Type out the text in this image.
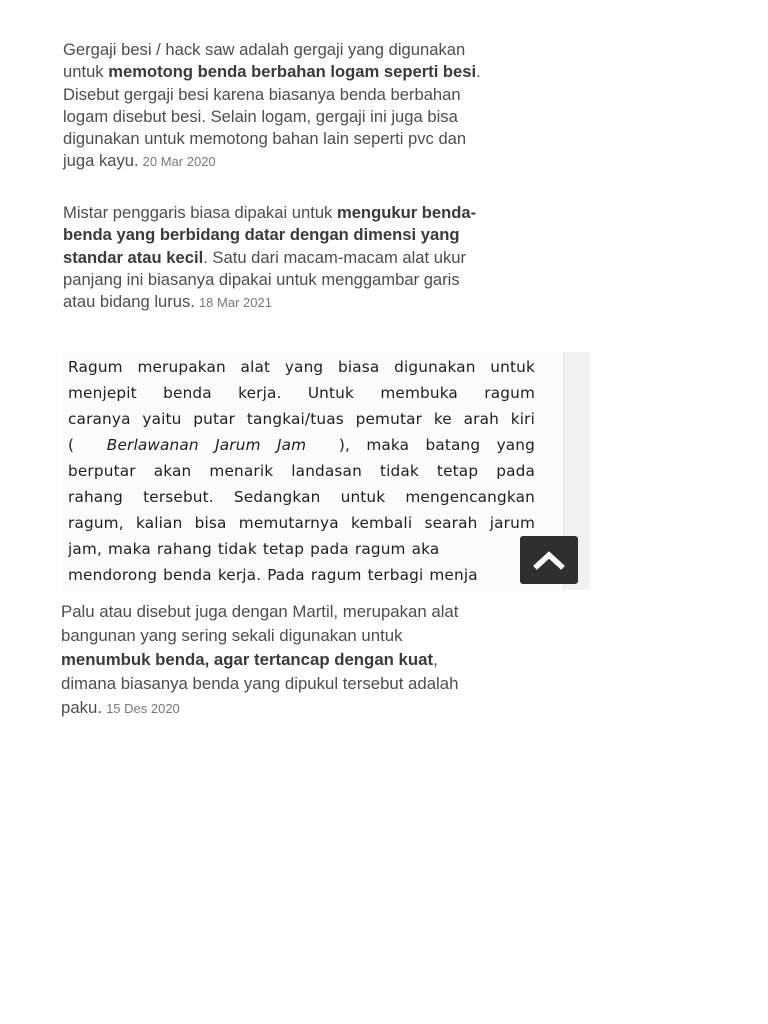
Gergaji besi / hack saw adalah gergaji yang digunakan untuk memotong benda berbahan logam seperti besi. Disebut gergaji besi karena biasanya benda berbahan logam disebut besi. Selain logam, gergaji ini juga bisa digunakan untuk memotong bahan lain seperti pvc dan juga kayu. 20 Mar 2020

Mistar penggaris biasa dipakai untuk mengukur benda-benda yang berbidang datar dengan dimensi yang standar atau kecil. Satu dari macam-macam alat ukur panjang ini biasanya dipakai untuk menggambar garis atau bidang lurus. 18 Mar 2021

Ragum merupakan alat yang biasa digunakan untuk
menjepit benda kerja. Untuk membuka ragum
caranya yaitu putar tangkai/tuas pemutar ke arah kiri
( Berlawanan Jarum Jam ), maka batang yang
berputar akan menarik landasan tidak tetap pada
rahang tersebut. Sedangkan untuk mengencangkan
ragum, kalian bisa memutarnya kembali searah jarum
jam, maka rahang tidak tetap pada ragum aka
mendorong benda kerja. Pada ragum terbagi menja

Palu atau disebut juga dengan Martil, merupakan alat bangunan yang sering sekali digunakan untuk menumbuk benda, agar tertancap dengan kuat, dimana biasanya benda yang dipukul tersebut adalah paku. 15 Des 2020
